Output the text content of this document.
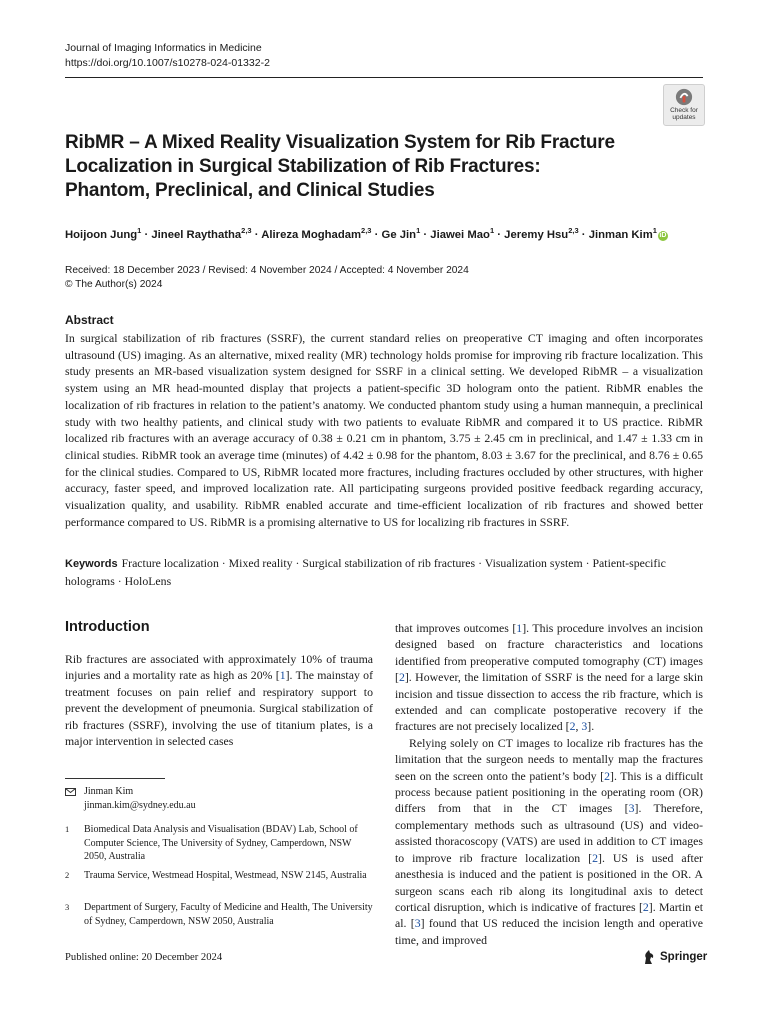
Journal of Imaging Informatics in Medicine
https://doi.org/10.1007/s10278-024-01332-2
Check for
updates
RibMR – A Mixed Reality Visualization System for Rib Fracture Localization in Surgical Stabilization of Rib Fractures: Phantom, Preclinical, and Clinical Studies
Hoijoon Jung$^1$ · Jineel Raythatha$^{2,3}$ · Alireza Moghadam$^{2,3}$ · Ge Jin$^1$ · Jiawei Mao$^1$ · Jeremy Hsu$^{2,3}$ · Jinman Kim$^1$iD
Received: 18 December 2023 / Revised: 4 November 2024 / Accepted: 4 November 2024
© The Author(s) 2024
Abstract
In surgical stabilization of rib fractures (SSRF), the current standard relies on preoperative CT imaging and often incorporates ultrasound (US) imaging. As an alternative, mixed reality (MR) technology holds promise for improving rib fracture localization. This study presents an MR-based visualization system designed for SSRF in a clinical setting. We developed RibMR – a visualization system using an MR head-mounted display that projects a patient-specific 3D hologram onto the patient. RibMR enables the localization of rib fractures in relation to the patient’s anatomy. We conducted phantom study using a human mannequin, a preclinical study with two healthy patients, and clinical study with two patients to evaluate RibMR and compared it to US practice. RibMR localized rib fractures with an average accuracy of 0.38 ± 0.21 cm in phantom, 3.75 ± 2.45 cm in preclinical, and 1.47 ± 1.33 cm in clinical studies. RibMR took an average time (minutes) of 4.42 ± 0.98 for the phantom, 8.03 ± 3.67 for the preclinical, and 8.76 ± 0.65 for the clinical studies. Compared to US, RibMR located more fractures, including fractures occluded by other structures, with higher accuracy, faster speed, and improved localization rate. All participating surgeons provided positive feedback regarding accuracy, visualization quality, and usability. RibMR enabled accurate and time-efficient localization of rib fractures and showed better performance compared to US. RibMR is a promising alternative to US for localizing rib fractures in SSRF.
Keywords Fracture localization · Mixed reality · Surgical stabilization of rib fractures · Visualization system · Patient-specific holograms · HoloLens
Introduction
Rib fractures are associated with approximately 10% of trauma injuries and a mortality rate as high as 20% [1]. The mainstay of treatment focuses on pain relief and respiratory support to prevent the development of pneumonia. Surgical stabilization of rib fractures (SSRF), involving the use of titanium plates, is a major intervention in selected cases

that improves outcomes [1]. This procedure involves an incision designed based on fracture characteristics and locations identified from preoperative computed tomography (CT) images [2]. However, the limitation of SSRF is the need for a large skin incision and tissue dissection to access the rib fracture, which is extended and can complicate postoperative recovery if the fractures are not precisely localized [2, 3].

Relying solely on CT images to localize rib fractures has the limitation that the surgeon needs to mentally map the fractures seen on the screen onto the patient’s body [2]. This is a difficult process because patient positioning in the operating room (OR) differs from that in the CT images [3]. Therefore, complementary methods such as ultrasound (US) and video-assisted thoracoscopy (VATS) are used in addition to CT images to improve rib fracture localization [2]. US is used after anesthesia is induced and the patient is positioned in the OR. A surgeon scans each rib along its longitudinal axis to detect cortical disruption, which is indicative of fractures [2]. Martin et al. [3] found that US reduced the incision length and operative time, and improved

Jinman Kim
jinman.kim@sydney.edu.au
1 Biomedical Data Analysis and Visualisation (BDAV) Lab, School of Computer Science, The University of Sydney, Camperdown, NSW 2050, Australia
2 Trauma Service, Westmead Hospital, Westmead, NSW 2145, Australia
3 Department of Surgery, Faculty of Medicine and Health, The University of Sydney, Camperdown, NSW 2050, Australia
Published online: 20 December 2024	Springer
